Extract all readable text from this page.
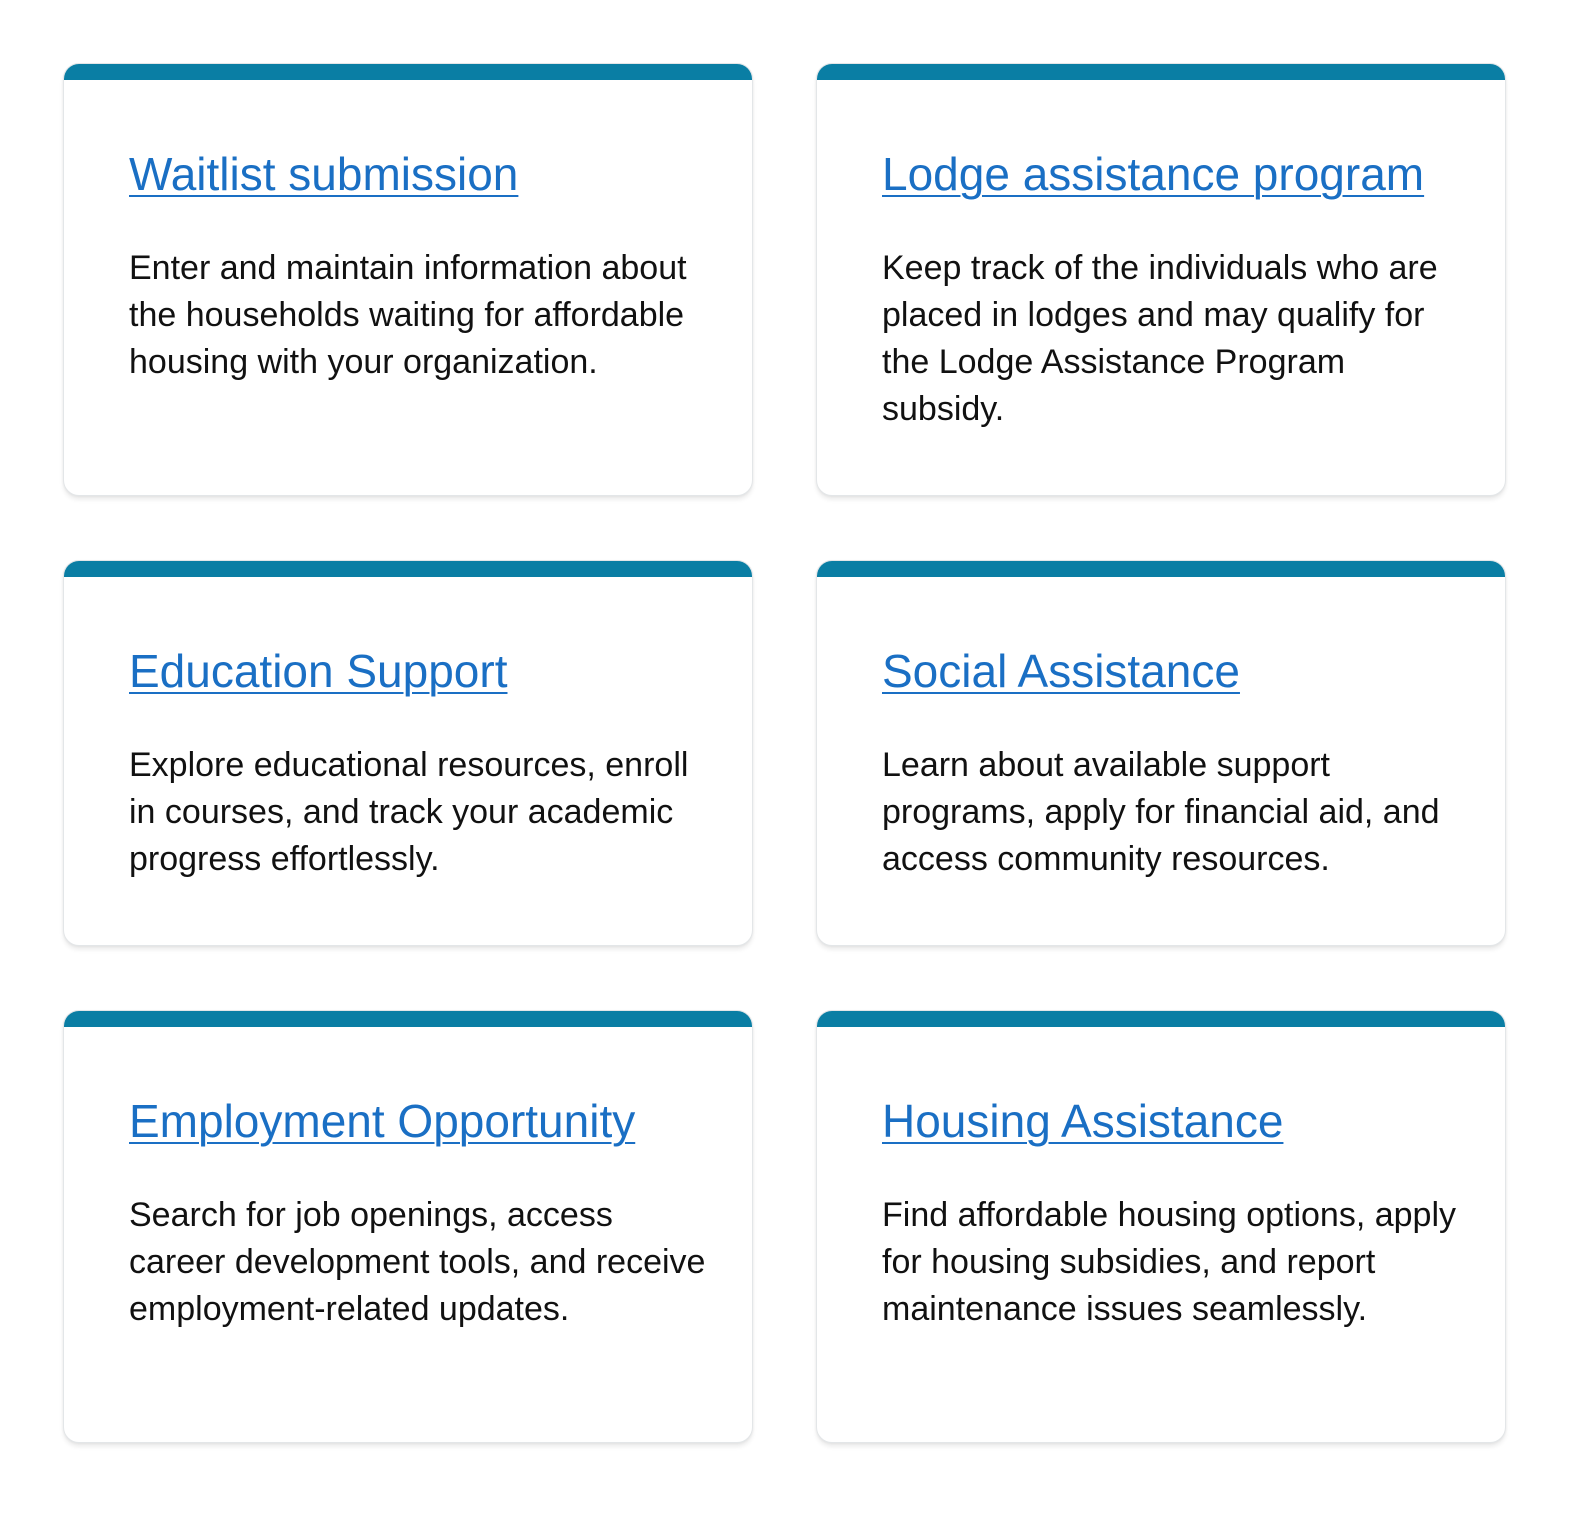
Waitlist submission

Enter and maintain information about the households waiting for affordable housing with your organization.

Lodge assistance program

Keep track of the individuals who are placed in lodges and may qualify for the Lodge Assistance Program subsidy.

Education Support

Explore educational resources, enroll in courses, and track your academic progress effortlessly.

Social Assistance

Learn about available support programs, apply for financial aid, and access community resources.

Employment Opportunity

Search for job openings, access career development tools, and receive employment-related updates.

Housing Assistance

Find affordable housing options, apply for housing subsidies, and report maintenance issues seamlessly.
